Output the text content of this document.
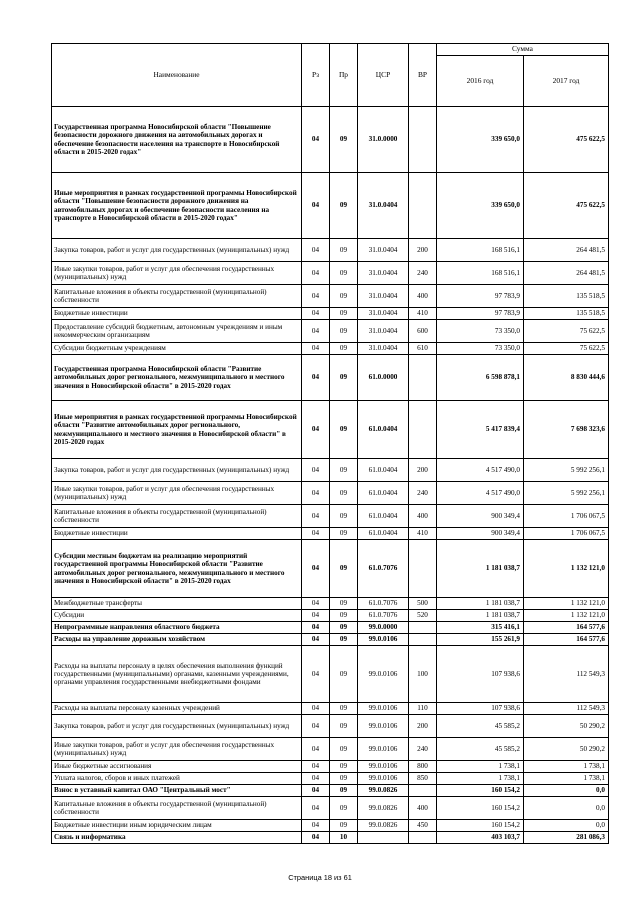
Наименование	Рз	Пр	ЦСР	ВР	Сумма	
					2016 год	2017 год
Государственная программа Новосибирской области "Повышение безопасности дорожного движения на автомобильных дорогах и обеспечение безопасности населения на транспорте в Новосибирской области в 2015-2020 годах"	04	09	31.0.0000		339 650,0	475 622,5
Иные мероприятия в рамках государственной программы Новосибирской области "Повышение безопасности дорожного движения на автомобильных дорогах и обеспечение безопасности населения на транспорте в Новосибирской области в 2015-2020 годах"	04	09	31.0.0404		339 650,0	475 622,5
Закупка товаров, работ и услуг для государственных (муниципальных) нужд	04	09	31.0.0404	200	168 516,1	264 481,5
Иные закупки товаров, работ и услуг для обеспечения государственных (муниципальных) нужд	04	09	31.0.0404	240	168 516,1	264 481,5
Капитальные вложения в объекты государственной (муниципальной) собственности	04	09	31.0.0404	400	97 783,9	135 518,5
Бюджетные инвестиции	04	09	31.0.0404	410	97 783,9	135 518,5
Предоставление субсидий бюджетным, автономным учреждениям и иным некоммерческим организациям	04	09	31.0.0404	600	73 350,0	75 622,5
Субсидии бюджетным учреждениям	04	09	31.0.0404	610	73 350,0	75 622,5
Государственная программа Новосибирской области "Развитие автомобильных дорог регионального, межмуниципального и местного значения в Новосибирской области" в 2015-2020 годах	04	09	61.0.0000		6 598 878,1	8 830 444,6
Иные мероприятия в рамках государственной программы Новосибирской области "Развитие автомобильных дорог регионального, межмуниципального и местного значения в Новосибирской области" в 2015-2020 годах	04	09	61.0.0404		5 417 839,4	7 698 323,6
Закупка товаров, работ и услуг для государственных (муниципальных) нужд	04	09	61.0.0404	200	4 517 490,0	5 992 256,1
Иные закупки товаров, работ и услуг для обеспечения государственных (муниципальных) нужд	04	09	61.0.0404	240	4 517 490,0	5 992 256,1
Капитальные вложения в объекты государственной (муниципальной) собственности	04	09	61.0.0404	400	900 349,4	1 706 067,5
Бюджетные инвестиции	04	09	61.0.0404	410	900 349,4	1 706 067,5
Субсидии местным бюджетам на реализацию мероприятий государственной программы Новосибирской области "Развитие автомобильных дорог регионального, межмуниципального и местного значения в Новосибирской области" в 2015-2020 годах	04	09	61.0.7076		1 181 038,7	1 132 121,0
Межбюджетные трансферты	04	09	61.0.7076	500	1 181 038,7	1 132 121,0
Субсидии	04	09	61.0.7076	520	1 181 038,7	1 132 121,0
Непрограммные направления областного бюджета	04	09	99.0.0000		315 416,1	164 577,6
Расходы на управление дорожным хозяйством	04	09	99.0.0106		155 261,9	164 577,6
Расходы на выплаты персоналу в целях обеспечения выполнения функций государственными (муниципальными) органами, казенными учреждениями, органами управления государственными внебюджетными фондами	04	09	99.0.0106	100	107 938,6	112 549,3
Расходы на выплаты персоналу казенных учреждений	04	09	99.0.0106	110	107 938,6	112 549,3
Закупка товаров, работ и услуг для государственных (муниципальных) нужд	04	09	99.0.0106	200	45 585,2	50 290,2
Иные закупки товаров, работ и услуг для обеспечения государственных (муниципальных) нужд	04	09	99.0.0106	240	45 585,2	50 290,2
Иные бюджетные ассигнования	04	09	99.0.0106	800	1 738,1	1 738,1
Уплата налогов, сборов и иных платежей	04	09	99.0.0106	850	1 738,1	1 738,1
Взнос в уставный капитал ОАО "Центральный мост"	04	09	99.0.0826		160 154,2	0,0
Капитальные вложения в объекты государственной (муниципальной) собственности	04	09	99.0.0826	400	160 154,2	0,0
Бюджетные инвестиции иным юридическим лицам	04	09	99.0.0826	450	160 154,2	0,0
Связь и информатика	04	10			403 103,7	281 086,3
Страница 18 из 61
